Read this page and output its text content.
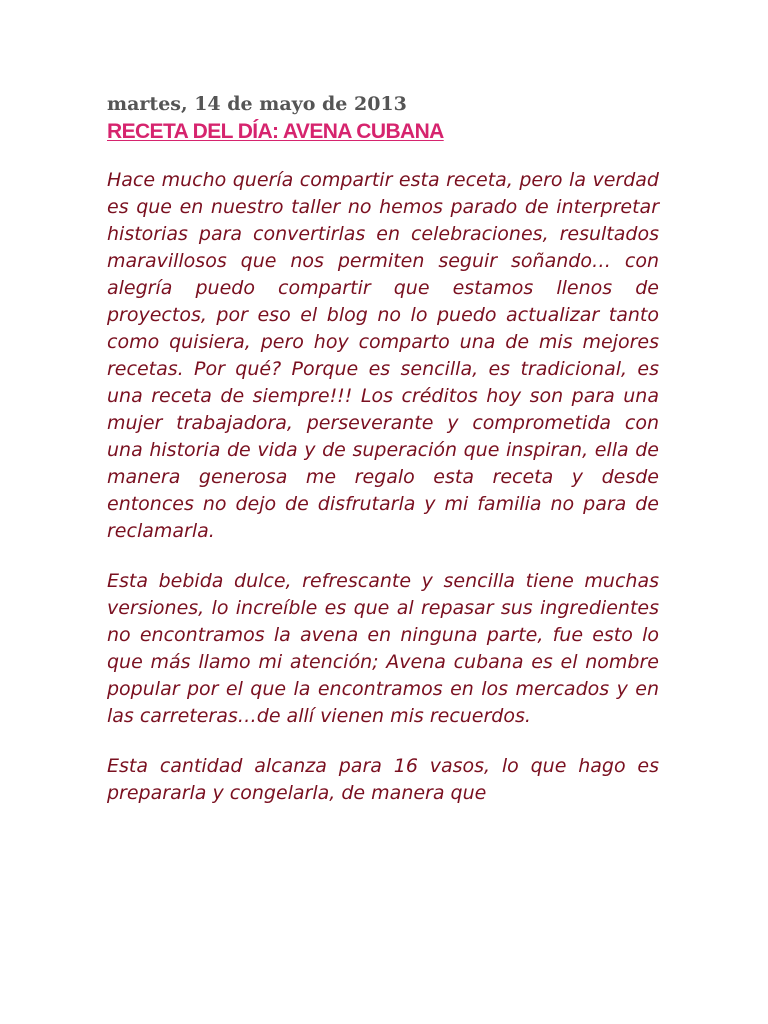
martes, 14 de mayo de 2013
RECETA DEL DÍA: AVENA CUBANA

Hace mucho quería compartir esta receta, pero la verdad es que en nuestro taller no hemos parado de interpretar historias para convertirlas en celebraciones, resultados maravillosos que nos permiten seguir soñando… con alegría puedo compartir que estamos llenos de proyectos, por eso el blog no lo puedo actualizar tanto como quisiera, pero hoy comparto una de mis mejores recetas. Por qué? Porque es sencilla, es tradicional, es una receta de siempre!!! Los créditos hoy son para una mujer trabajadora, perseverante y comprometida con una historia de vida y de superación que inspiran, ella de manera generosa me regalo esta receta y desde entonces no dejo de disfrutarla y mi familia no para de reclamarla.

Esta bebida dulce, refrescante y sencilla tiene muchas versiones, lo increíble es que al repasar sus ingredientes no encontramos la avena en ninguna parte, fue esto lo que más llamo mi atención; Avena cubana es el nombre popular por el que la encontramos en los mercados y en las carreteras…de allí vienen mis recuerdos.

Esta cantidad alcanza para 16 vasos, lo que hago es prepararla y congelarla, de manera que
